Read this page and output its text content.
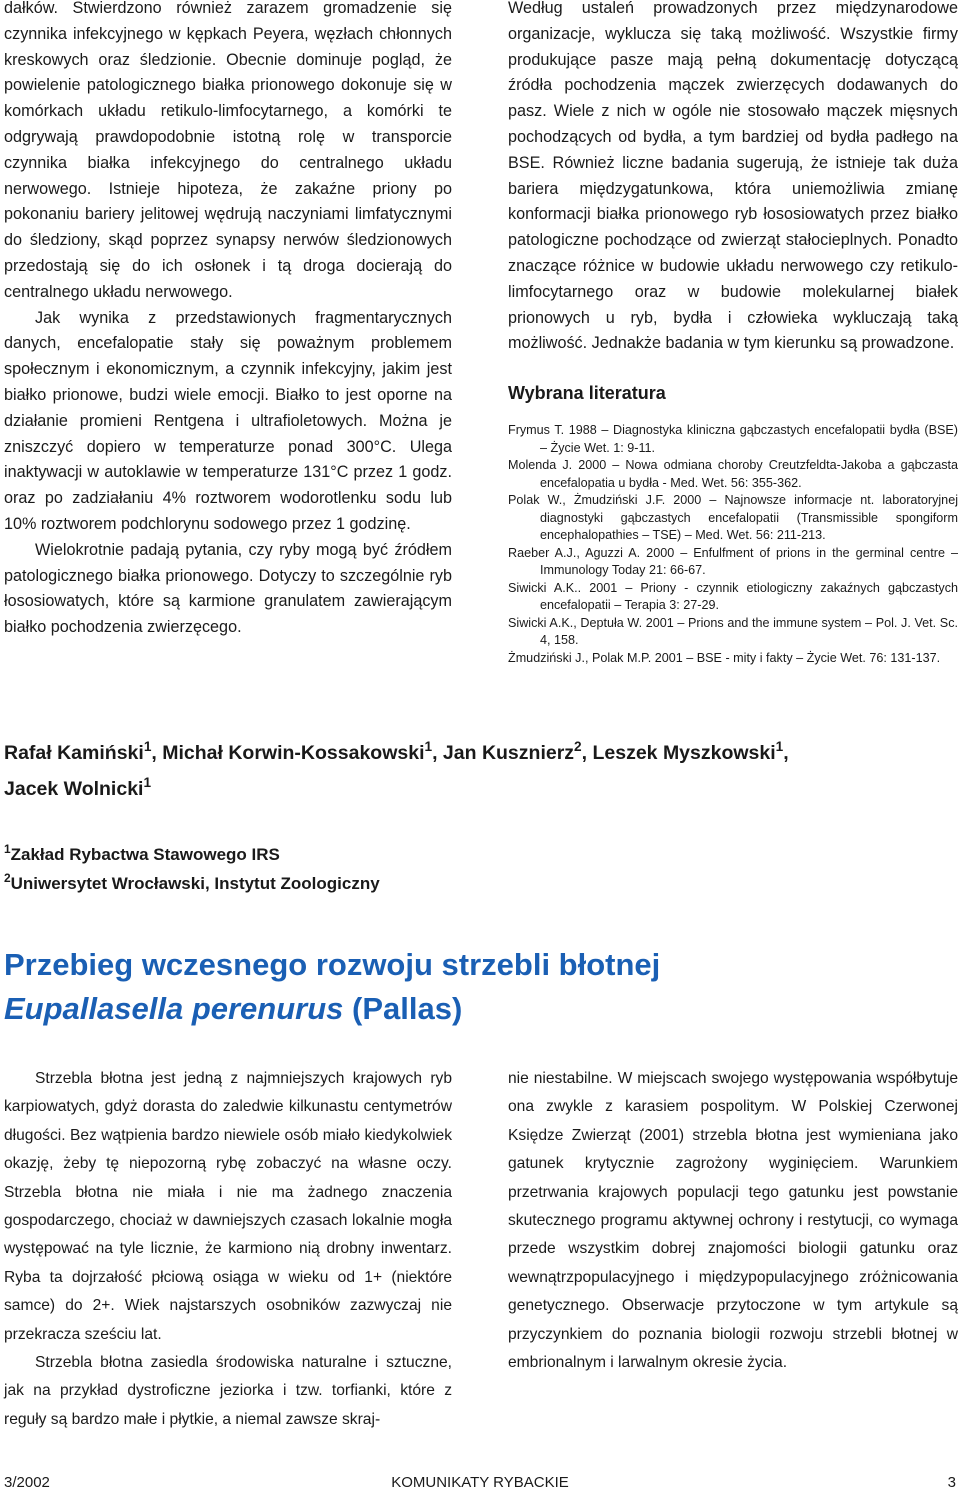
dałków. Stwierdzono również zarazem gromadzenie się czynnika infekcyjnego w kępkach Peyera, węzłach chłonnych kreskowych oraz śledzionie. Obecnie dominuje pogląd, że powielenie patologicznego białka prionowego dokonuje się w komórkach układu retikulo-limfocytarnego, a komórki te odgrywają prawdopodobnie istotną rolę w transporcie czynnika białka infekcyjnego do centralnego układu nerwowego. Istnieje hipoteza, że zakaźne priony po pokonaniu bariery jelitowej wędrują naczyniami limfatycznymi do śledziony, skąd poprzez synapsy nerwów śledzionowych przedostają się do ich osłonek i tą droga docierają do centralnego układu nerwowego.

Jak wynika z przedstawionych fragmentarycznych danych, encefalopatie stały się poważnym problemem społecznym i ekonomicznym, a czynnik infekcyjny, jakim jest białko prionowe, budzi wiele emocji. Białko to jest oporne na działanie promieni Rentgena i ultrafioletowych. Można je zniszczyć dopiero w temperaturze ponad 300°C. Ulega inaktywacji w autoklawie w temperaturze 131°C przez 1 godz. oraz po zadziałaniu 4% roztworem wodorotlenku sodu lub 10% roztworem podchlorynu sodowego przez 1 godzinę.

Wielokrotnie padają pytania, czy ryby mogą być źródłem patologicznego białka prionowego. Dotyczy to szczególnie ryb łososiowatych, które są karmione granulatem zawierającym białko pochodzenia zwierzęcego.

Według ustaleń prowadzonych przez międzynarodowe organizacje, wyklucza się taką możliwość. Wszystkie firmy produkujące pasze mają pełną dokumentację dotyczącą źródła pochodzenia mączek zwierzęcych dodawanych do pasz. Wiele z nich w ogóle nie stosowało mączek mięsnych pochodzących od bydła, a tym bardziej od bydła padłego na BSE. Również liczne badania sugerują, że istnieje tak duża bariera międzygatunkowa, która uniemożliwia zmianę konformacji białka prionowego ryb łososiowatych przez białko patologiczne pochodzące od zwierząt stałocieplnych. Ponadto znaczące różnice w budowie układu nerwowego czy retikulo-limfocytarnego oraz w budowie molekularnej białek prionowych u ryb, bydła i człowieka wykluczają taką możliwość. Jednakże badania w tym kierunku są prowadzone.
Wybrana literatura

Frymus T. 1988 – Diagnostyka kliniczna gąbczastych encefalopatii bydła (BSE) – Życie Wet. 1: 9-11.

Molenda J. 2000 – Nowa odmiana choroby Creutzfeldta-Jakoba a gąbczasta encefalopatia u bydła - Med. Wet. 56: 355-362.

Polak W., Żmudziński J.F. 2000 – Najnowsze informacje nt. laboratoryjnej diagnostyki gąbczastych encefalopatii (Transmissible spongiform encephalopathies – TSE) – Med. Wet. 56: 211-213.

Raeber A.J., Aguzzi A. 2000 – Enfulfment of prions in the germinal centre – Immunology Today 21: 66-67.

Siwicki A.K.. 2001 – Priony - czynnik etiologiczny zakaźnych gąbczastych encefalopatii – Terapia 3: 27-29.

Siwicki A.K., Deptuła W. 2001 – Prions and the immune system – Pol. J. Vet. Sc. 4, 158.

Żmudziński J., Polak M.P. 2001 – BSE - mity i fakty – Życie Wet. 76: 131-137.

Rafał Kamiński$^1$, Michał Korwin-Kossakowski$^1$, Jan Kusznierz$^2$, Leszek Myszkowski$^1$,
Jacek Wolnicki$^1$
$^1$Zakład Rybactwa Stawowego IRS
$^2$Uniwersytet Wrocławski, Instytut Zoologiczny
Przebieg wczesnego rozwoju strzebli błotnej
Eupallasella perenurus (Pallas)

Strzebla błotna jest jedną z najmniejszych krajowych ryb karpiowatych, gdyż dorasta do zaledwie kilkunastu centymetrów długości. Bez wątpienia bardzo niewiele osób miało kiedykolwiek okazję, żeby tę niepozorną rybę zobaczyć na własne oczy. Strzebla błotna nie miała i nie ma żadnego znaczenia gospodarczego, chociaż w dawniejszych czasach lokalnie mogła występować na tyle licznie, że karmiono nią drobny inwentarz. Ryba ta dojrzałość płciową osiąga w wieku od 1+ (niektóre samce) do 2+. Wiek najstarszych osobników zazwyczaj nie przekracza sześciu lat.

Strzebla błotna zasiedla środowiska naturalne i sztuczne, jak na przykład dystroficzne jeziorka i tzw. torfianki, które z reguły są bardzo małe i płytkie, a niemal zawsze skraj-

nie niestabilne. W miejscach swojego występowania współbytuje ona zwykle z karasiem pospolitym. W Polskiej Czerwonej Księdze Zwierząt (2001) strzebla błotna jest wymieniana jako gatunek krytycznie zagrożony wyginięciem. Warunkiem przetrwania krajowych populacji tego gatunku jest powstanie skutecznego programu aktywnej ochrony i restytucji, co wymaga przede wszystkim dobrej znajomości biologii gatunku oraz wewnątrzpopulacyjnego i międzypopulacyjnego zróżnicowania genetycznego. Obserwacje przytoczone w tym artykule są przyczynkiem do poznania biologii rozwoju strzebli błotnej w embrionalnym i larwalnym okresie życia.

3/2002	KOMUNIKATY RYBACKIE	3
